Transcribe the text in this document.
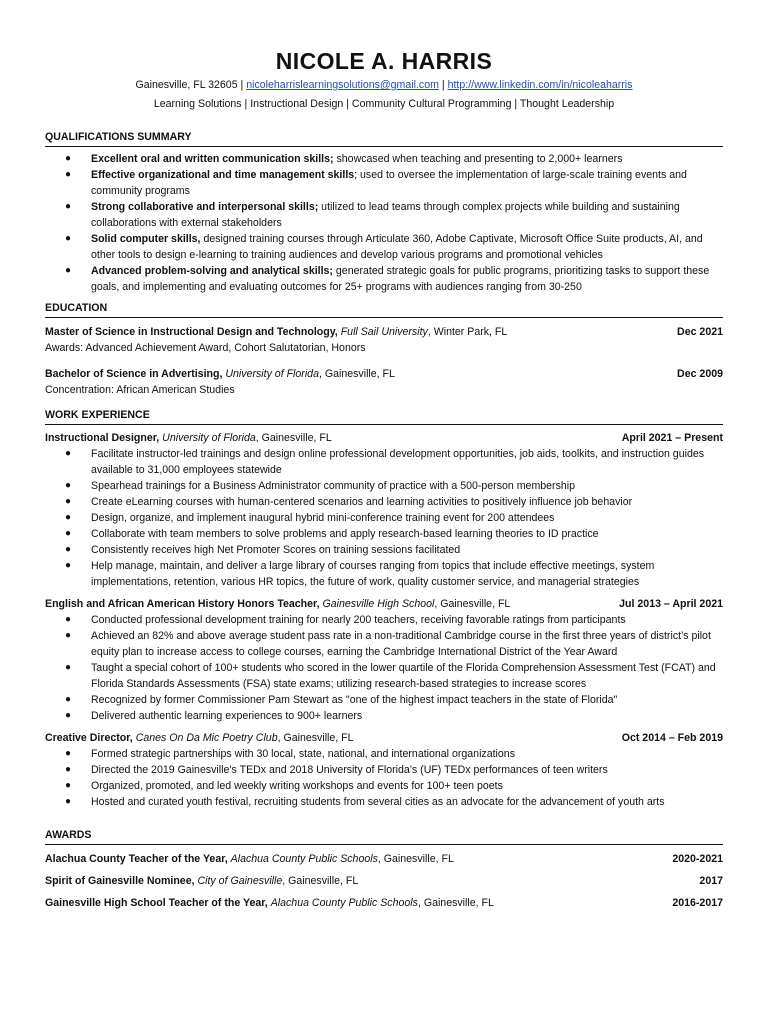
NICOLE A. HARRIS
Gainesville, FL 32605 | nicoleharrislearningsolutions@gmail.com | http://www.linkedin.com/in/nicoleaharris
Learning Solutions | Instructional Design | Community Cultural Programming | Thought Leadership
QUALIFICATIONS SUMMARY
● Excellent oral and written communication skills; showcased when teaching and presenting to 2,000+ learners
● Effective organizational and time management skills; used to oversee the implementation of large-scale training events and community programs
● Strong collaborative and interpersonal skills; utilized to lead teams through complex projects while building and sustaining collaborations with external stakeholders
● Solid computer skills, designed training courses through Articulate 360, Adobe Captivate, Microsoft Office Suite products, AI, and other tools to design e-learning to training audiences and develop various programs and promotional vehicles
● Advanced problem-solving and analytical skills; generated strategic goals for public programs, prioritizing tasks to support these goals, and implementing and evaluating outcomes for 25+ programs with audiences ranging from 30-250
EDUCATION
Master of Science in Instructional Design and Technology, Full Sail University, Winter Park, FL	Dec 2021
Awards: Advanced Achievement Award, Cohort Salutatorian, Honors
Bachelor of Science in Advertising, University of Florida, Gainesville, FL	Dec 2009
Concentration: African American Studies
WORK EXPERIENCE
Instructional Designer, University of Florida, Gainesville, FL	April 2021 – Present
● Facilitate instructor-led trainings and design online professional development opportunities, job aids, toolkits, and instruction guides available to 31,000 employees statewide
● Spearhead trainings for a Business Administrator community of practice with a 500-person membership
● Create eLearning courses with human-centered scenarios and learning activities to positively influence job behavior
● Design, organize, and implement inaugural hybrid mini-conference training event for 200 attendees
● Collaborate with team members to solve problems and apply research-based learning theories to ID practice
● Consistently receives high Net Promoter Scores on training sessions facilitated
● Help manage, maintain, and deliver a large library of courses ranging from topics that include effective meetings, system implementations, retention, various HR topics, the future of work, quality customer service, and managerial strategies
English and African American History Honors Teacher, Gainesville High School, Gainesville, FL	Jul 2013 – April 2021
● Conducted professional development training for nearly 200 teachers, receiving favorable ratings from participants
● Achieved an 82% and above average student pass rate in a non-traditional Cambridge course in the first three years of district’s pilot equity plan to increase access to college courses, earning the Cambridge International District of the Year Award
● Taught a special cohort of 100+ students who scored in the lower quartile of the Florida Comprehension Assessment Test (FCAT) and Florida Standards Assessments (FSA) state exams; utilizing research-based strategies to increase scores
● Recognized by former Commissioner Pam Stewart as "one of the highest impact teachers in the state of Florida"
● Delivered authentic learning experiences to 900+ learners
Creative Director, Canes On Da Mic Poetry Club, Gainesville, FL	Oct 2014 – Feb 2019
● Formed strategic partnerships with 30 local, state, national, and international organizations
● Directed the 2019 Gainesville’s TEDx and 2018 University of Florida’s (UF) TEDx performances of teen writers
● Organized, promoted, and led weekly writing workshops and events for 100+ teen poets
● Hosted and curated youth festival, recruiting students from several cities as an advocate for the advancement of youth arts
AWARDS
Alachua County Teacher of the Year, Alachua County Public Schools, Gainesville, FL	2020-2021
Spirit of Gainesville Nominee, City of Gainesville, Gainesville, FL	2017
Gainesville High School Teacher of the Year, Alachua County Public Schools, Gainesville, FL	2016-2017
